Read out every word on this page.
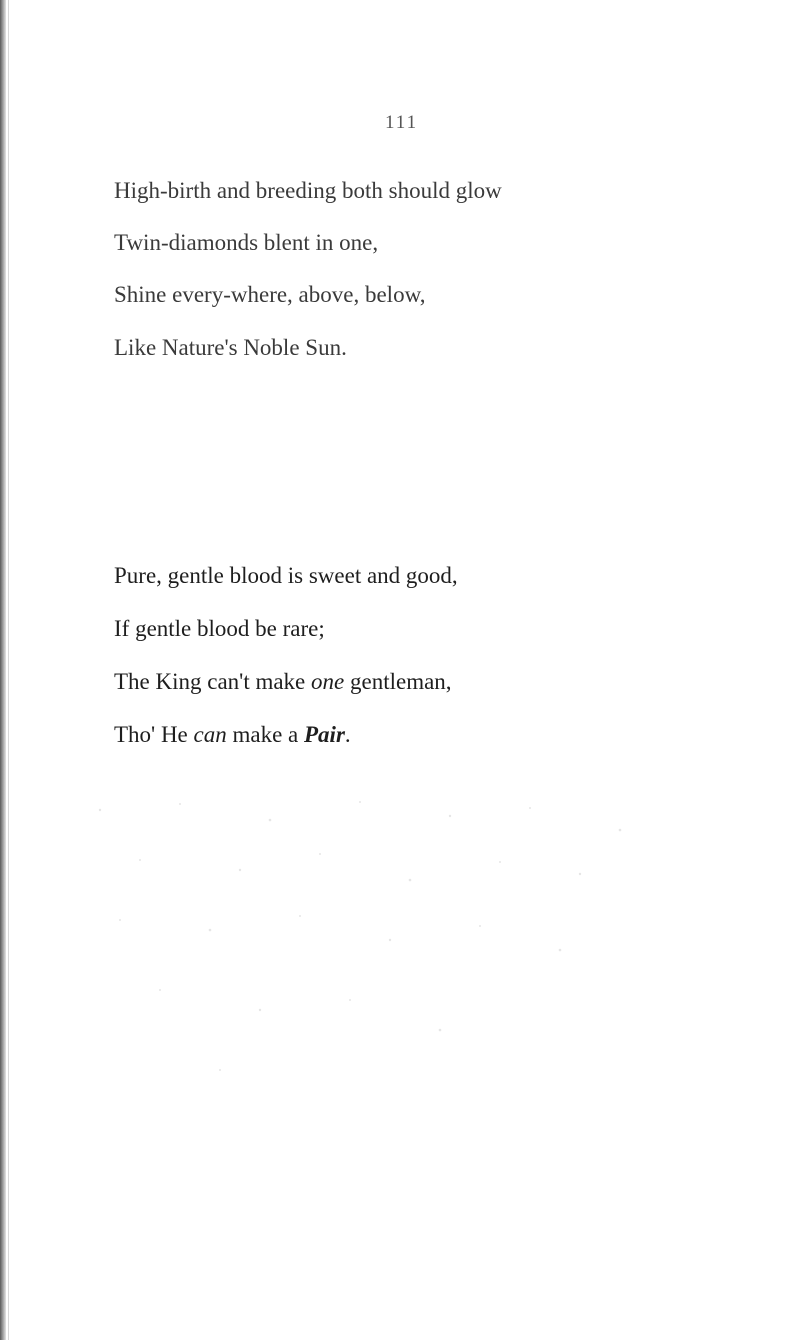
111
High-birth and breeding both should glow
Twin-diamonds blent in one,
Shine every-where, above, below,
Like Nature's Noble Sun.
Pure, gentle blood is sweet and good,
If gentle blood be rare;
The King can't make one gentleman,
Tho' He can make a Pair.
